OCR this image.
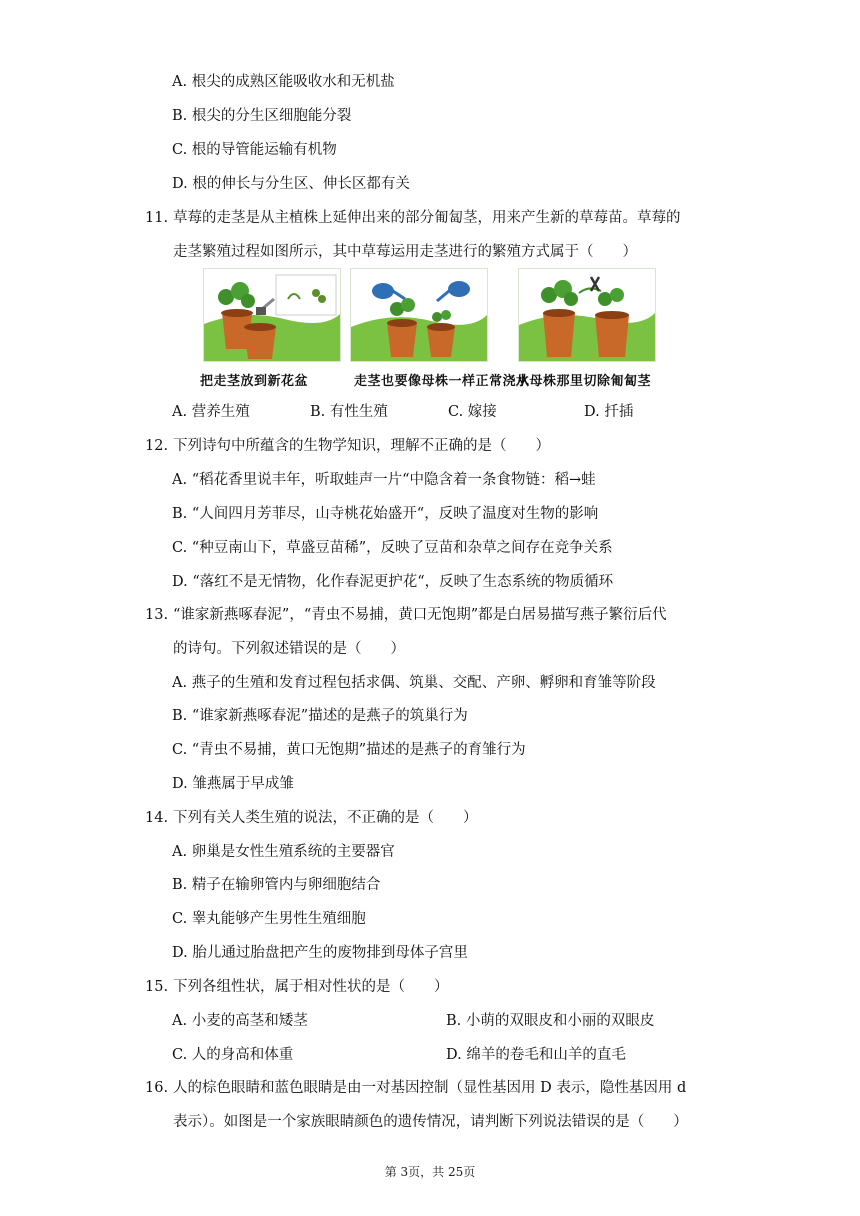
A. 根尖的成熟区能吸收水和无机盐
B. 根尖的分生区细胞能分裂
C. 根的导管能运输有机物
D. 根的伸长与分生区、伸长区都有关
11. 草莓的走茎是从主植株上延伸出来的部分匍匐茎，用来产生新的草莓苗。草莓的
走茎繁殖过程如图所示，其中草莓运用走茎进行的繁殖方式属于（　　）
把走茎放到新花盆	走茎也要像母株一样正常浇水
从母株那里切除匍匐茎
A. 营养生殖	B. 有性生殖	C. 嫁接	D. 扦插
12. 下列诗句中所蕴含的生物学知识，理解不正确的是（　　）
A. “稻花香里说丰年，听取蛙声一片“中隐含着一条食物链：稻→蛙
B. “人间四月芳菲尽，山寺桃花始盛开“，反映了温度对生物的影响
C. “种豆南山下，草盛豆苗稀”，反映了豆苗和杂草之间存在竞争关系
D. “落红不是无情物，化作春泥更护花“，反映了生态系统的物质循环
13. “谁家新燕啄春泥”，“青虫不易捕，黄口无饱期”都是白居易描写燕子繁衍后代
的诗句。下列叙述错误的是（　　）
A. 燕子的生殖和发育过程包括求偶、筑巢、交配、产卵、孵卵和育雏等阶段
B. “谁家新燕啄春泥”描述的是燕子的筑巢行为
C. “青虫不易捕，黄口无饱期”描述的是燕子的育雏行为
D. 雏燕属于早成雏
14. 下列有关人类生殖的说法，不正确的是（　　）
A. 卵巢是女性生殖系统的主要器官
B. 精子在输卵管内与卵细胞结合
C. 睾丸能够产生男性生殖细胞
D. 胎儿通过胎盘把产生的废物排到母体子宫里
15. 下列各组性状，属于相对性状的是（　　）
A. 小麦的高茎和矮茎	B. 小萌的双眼皮和小丽的双眼皮
C. 人的身高和体重	D. 绵羊的卷毛和山羊的直毛
16. 人的棕色眼睛和蓝色眼睛是由一对基因控制（显性基因用 D 表示，隐性基因用 d
表示）。如图是一个家族眼睛颜色的遗传情况，请判断下列说法错误的是（　　）
第 3页，共 25页
